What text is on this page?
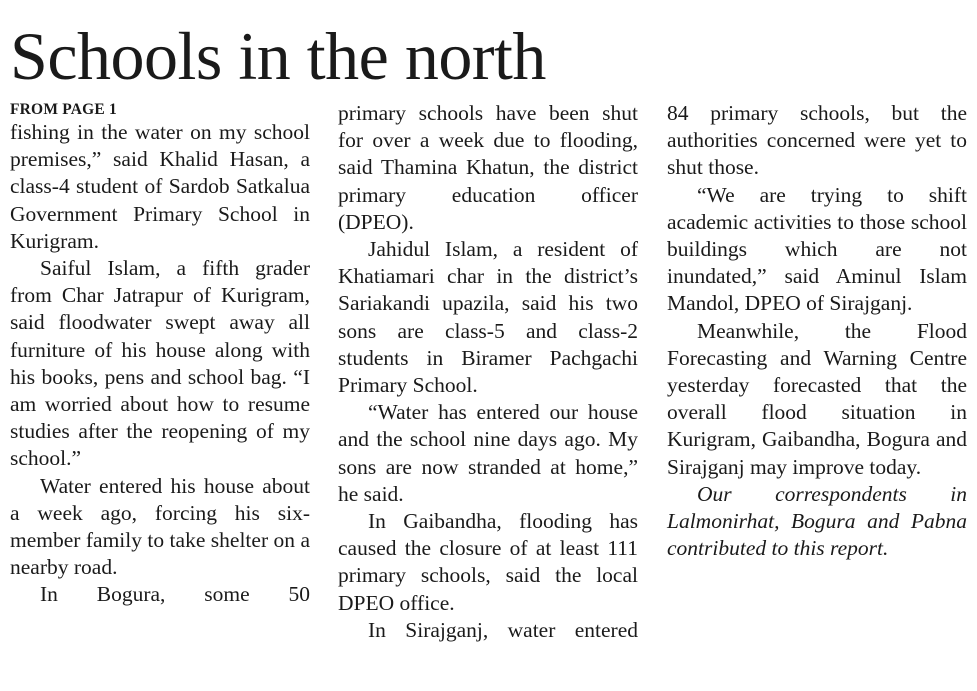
Schools in the north
FROM PAGE 1

fishing in the water on my school premises,” said Khalid Hasan, a class-4 student of Sardob Satkalua Government Primary School in Kurigram.

Saiful Islam, a fifth grader from Char Jatrapur of Kurigram, said floodwater swept away all furniture of his house along with his books, pens and school bag. “I am worried about how to resume studies after the reopening of my school.”

Water entered his house about a week ago, forcing his six-member family to take shelter on a nearby road.

In Bogura, some 50

primary schools have been shut for over a week due to flooding, said Thamina Khatun, the district primary education officer (DPEO).

Jahidul Islam, a resident of Khatiamari char in the district’s Sariakandi upazila, said his two sons are class-5 and class-2 students in Biramer Pachgachi Primary School.

“Water has entered our house and the school nine days ago. My sons are now stranded at home,” he said.

In Gaibandha, flooding has caused the closure of at least 111 primary schools, said the local DPEO office.

In Sirajganj, water entered

84 primary schools, but the authorities concerned were yet to shut those.

“We are trying to shift academic activities to those school buildings which are not inundated,” said Aminul Islam Mandol, DPEO of Sirajganj.

Meanwhile, the Flood Forecasting and Warning Centre yesterday forecasted that the overall flood situation in Kurigram, Gaibandha, Bogura and Sirajganj may improve today.

Our correspondents in Lalmonirhat, Bogura and Pabna contributed to this report.
